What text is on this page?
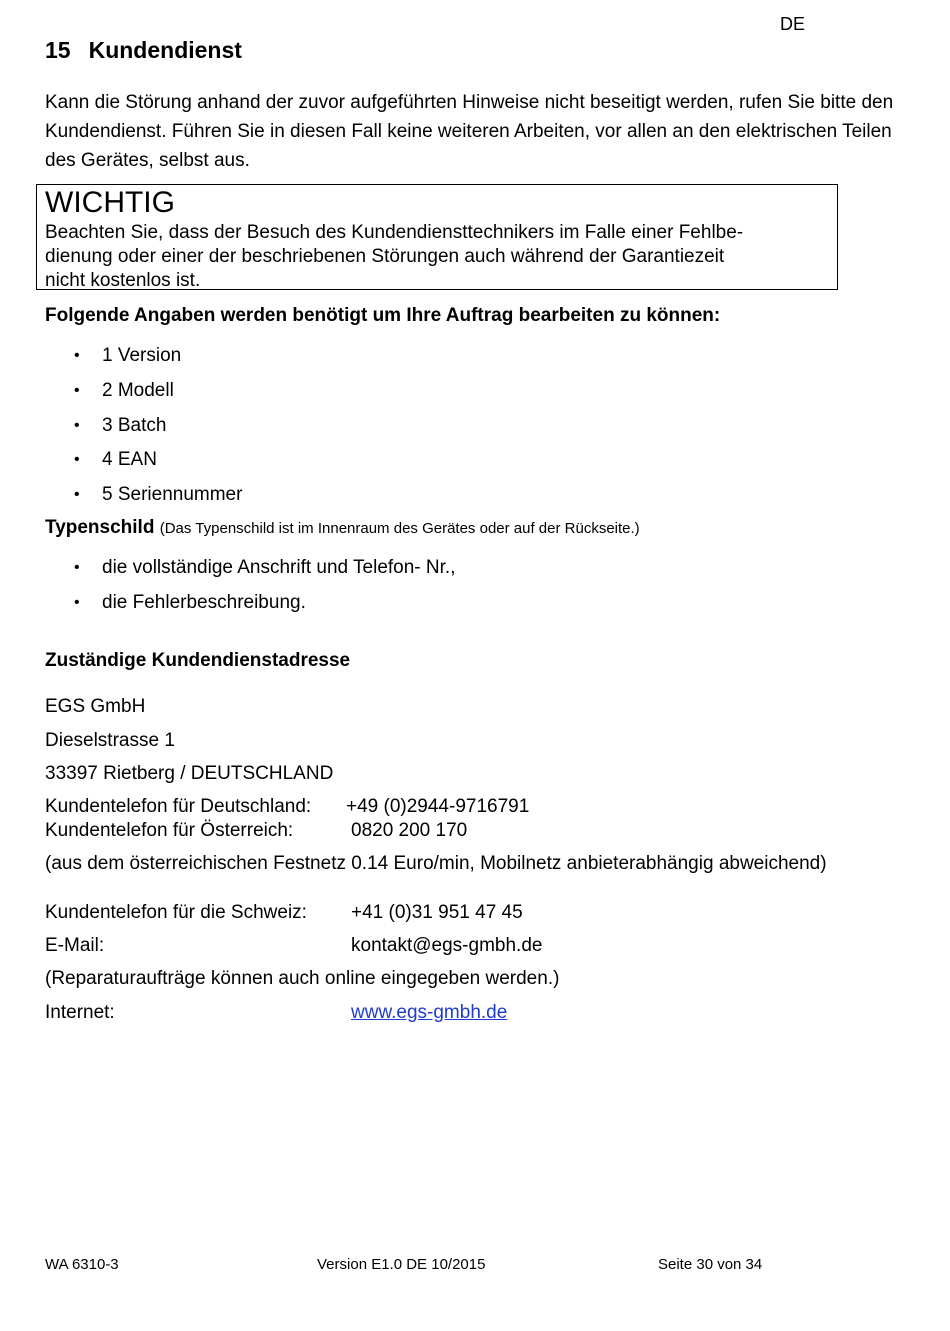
DE
15 Kundendienst
Kann die Störung anhand der zuvor aufgeführten Hinweise nicht beseitigt werden, rufen Sie bitte den Kundendienst. Führen Sie in diesen Fall keine weiteren Arbeiten, vor allen an den elektrischen Teilen des Gerätes, selbst aus.
WICHTIG
Beachten Sie, dass der Besuch des Kundendiensttechnikers im Falle einer Fehlbe-
dienung oder einer der beschriebenen Störungen auch während der Garantiezeit
nicht kostenlos ist.
Folgende Angaben werden benötigt um Ihre Auftrag bearbeiten zu können:
• 1 Version
• 2 Modell
• 3 Batch
• 4 EAN
• 5 Seriennummer
Typenschild (Das Typenschild ist im Innenraum des Gerätes oder auf der Rückseite.)
• die vollständige Anschrift und Telefon- Nr.,
• die Fehlerbeschreibung.
Zuständige Kundendienstadresse
EGS GmbH
Dieselstrasse 1
33397 Rietberg / DEUTSCHLAND
Kundentelefon für Deutschland: +49 (0)2944-9716791
Kundentelefon für Österreich:	0820 200 170
(aus dem österreichischen Festnetz 0.14 Euro/min, Mobilnetz anbieterabhängig abweichend)
Kundentelefon für die Schweiz: +41 (0)31 951 47 45
E-Mail:	kontakt@egs-gmbh.de
(Reparaturaufträge können auch online eingegeben werden.)
Internet:	www.egs-gmbh.de
WA 6310-3	Version E1.0 DE 10/2015	Seite 30 von 34
